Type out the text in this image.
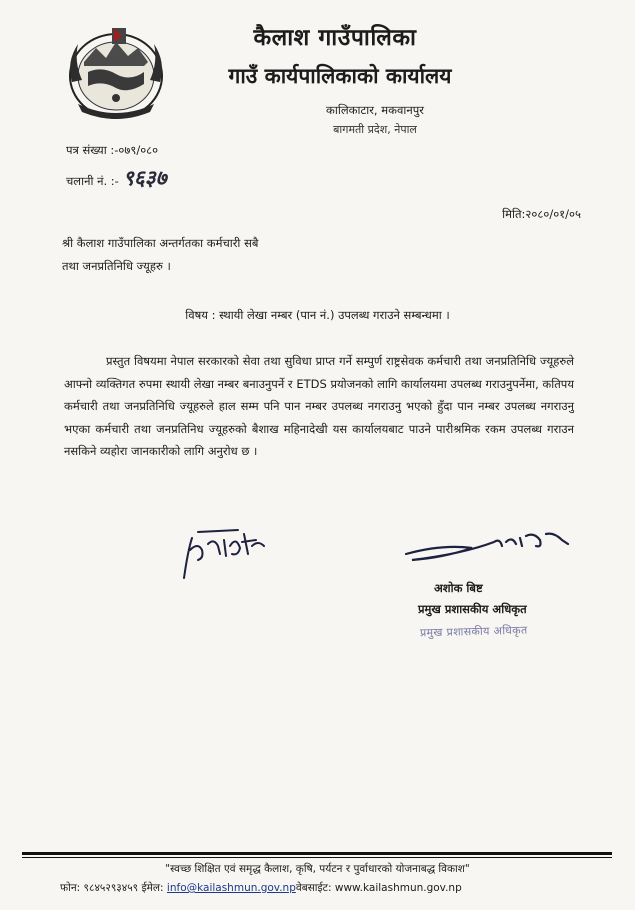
कैलाश गाउँपालिका
गाउँ कार्यपालिकाको कार्यालय
कालिकाटार, मकवानपुर
बागमती प्रदेश, नेपाल
पत्र संख्या :-०७९/०८०
चलानी नं. :- ९६३७
मिति:२०८०/०१/०५
श्री कैलाश गाउँपालिका अन्तर्गतका कर्मचारी सबै
तथा जनप्रतिनिधि ज्यूहरु ।
विषय : स्थायी लेखा नम्बर (पान नं.) उपलब्ध गराउने सम्बन्धमा ।
प्रस्तुत विषयमा नेपाल सरकारको सेवा तथा सुविधा प्राप्त गर्ने सम्पुर्ण राष्ट्रसेवक कर्मचारी तथा जनप्रतिनिधि ज्यूहरुले आफ्नो व्यक्तिगत रुपमा स्थायी लेखा नम्बर बनाउनुपर्ने र ETDS प्रयोजनको लागि कार्यालयमा उपलब्ध गराउनुपर्नेमा, कतिपय कर्मचारी तथा जनप्रतिनिधि ज्यूहरुले हाल सम्म पनि पान नम्बर उपलब्ध नगराउनु भएको हुँदा पान नम्बर उपलब्ध नगराउनु भएका कर्मचारी तथा जनप्रतिनिध ज्यूहरुको बैशाख महिनादेखी यस कार्यालयबाट पाउने पारीश्रमिक रकम उपलब्ध गराउन नसकिने व्यहोरा जानकारीको लागि अनुरोध छ ।
अशोक बिष्ट
प्रमुख प्रशासकीय अधिकृत
प्रमुख प्रशासकीय अधिकृत
"स्वच्छ शिक्षित एवं समृद्ध कैलाश, कृषि, पर्यटन र पुर्वाधारको योजनाबद्ध विकाश"
फोन: ९८४५२९३४५९ ईमेल: info@kailashmun.gov.npवेबसाईट: www.kailashmun.gov.np
